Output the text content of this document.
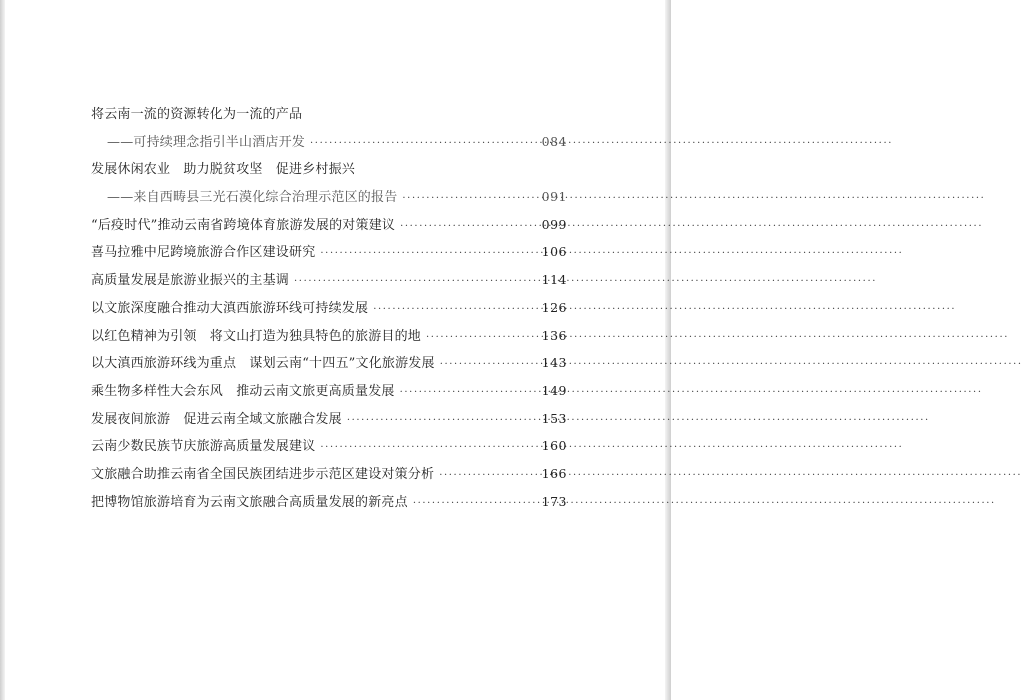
将云南一流的资源转化为一流的产品
——可持续理念指引半山酒店开发 ·····	084
发展休闲农业　助力脱贫攻坚　促进乡村振兴
——来自西畴县三光石漠化综合治理示范区的报告 ·····	091
“后疫时代”推动云南省跨境体育旅游发展的对策建议 ·····	099
喜马拉雅中尼跨境旅游合作区建设研究 ·····	106
高质量发展是旅游业振兴的主基调 ·····	114
以文旅深度融合推动大滇西旅游环线可持续发展 ·····	126
以红色精神为引领　将文山打造为独具特色的旅游目的地 ·····	136
以大滇西旅游环线为重点　谋划云南“十四五”文化旅游发展 ·····	143
乘生物多样性大会东风　推动云南文旅更高质量发展 ·····	149
发展夜间旅游　促进云南全域文旅融合发展 ·····	153
云南少数民族节庆旅游高质量发展建议 ·····	160
文旅融合助推云南省全国民族团结进步示范区建设对策分析 ·····	166
把博物馆旅游培育为云南文旅融合高质量发展的新亮点 ·····	173
